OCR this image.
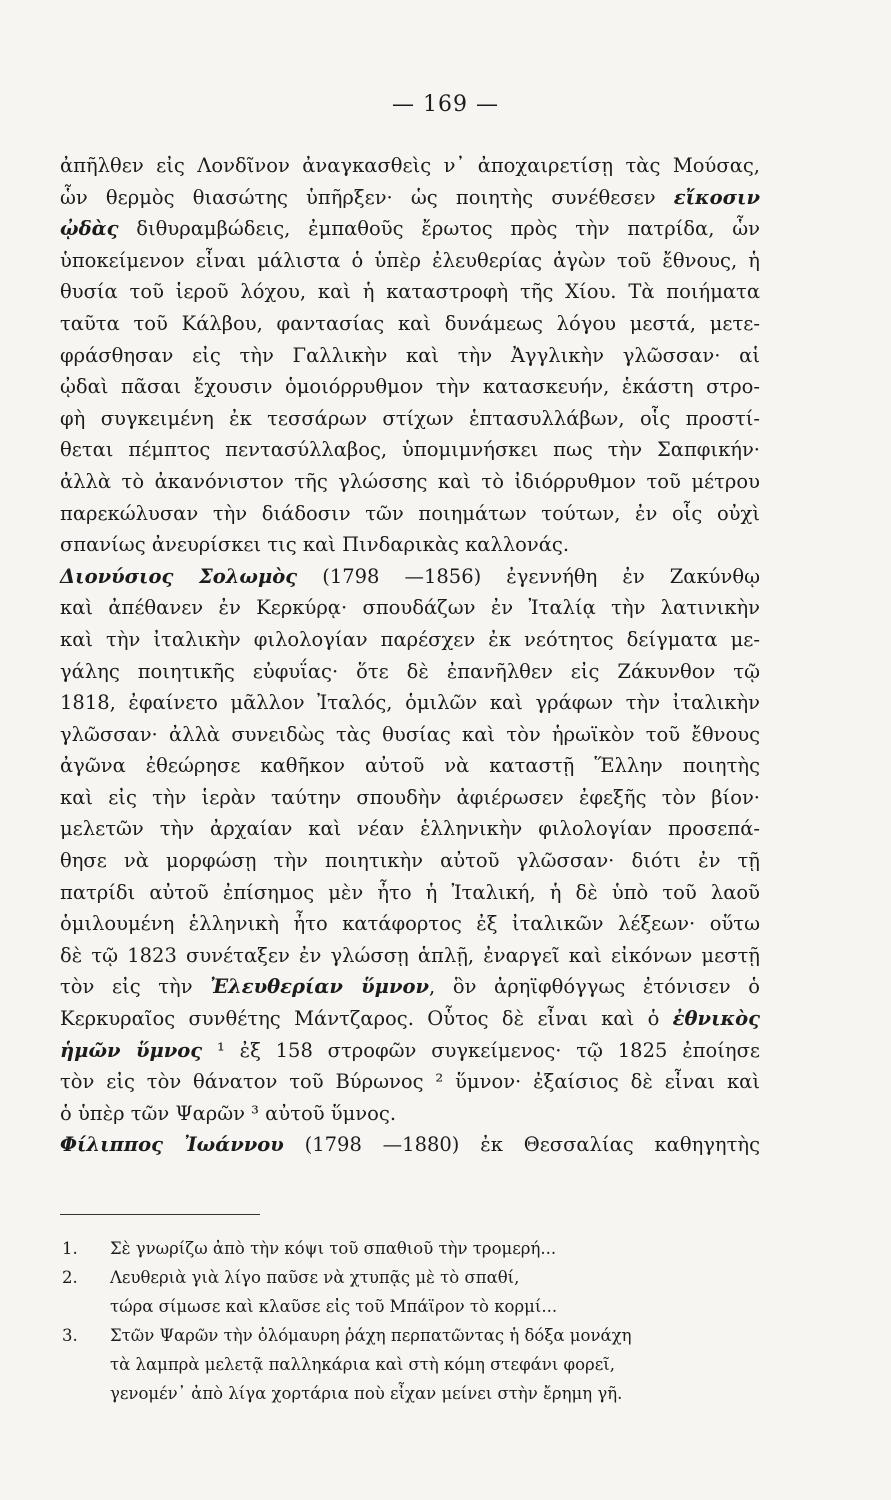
— 169 —
ἀπῆλθεν εἰς Λονδῖνον ἀναγκασθεὶς ν᾽ ἀποχαιρετίσῃ τὰς Μούσας,
ὧν θερμὸς θιασώτης ὑπῆρξεν· ὡς ποιητὴς συνέθεσεν εἴκοσιν
ᾠδὰς διθυραμβώδεις, ἐμπαθοῦς ἔρωτος πρὸς τὴν πατρίδα, ὧν
ὑποκείμενον εἶναι μάλιστα ὁ ὑπὲρ ἐλευθερίας ἀγὼν τοῦ ἔθνους, ἡ
θυσία τοῦ ἱεροῦ λόχου, καὶ ἡ καταστροφὴ τῆς Χίου. Τὰ ποιήματα
ταῦτα τοῦ Κάλβου, φαντασίας καὶ δυνάμεως λόγου μεστά, μετε-
φράσθησαν εἰς τὴν Γαλλικὴν καὶ τὴν Ἀγγλικὴν γλῶσσαν· αἱ
ᾠδαὶ πᾶσαι ἔχουσιν ὁμοιόρρυθμον τὴν κατασκευήν, ἑκάστη στρο-
φὴ συγκειμένη ἐκ τεσσάρων στίχων ἑπτασυλλάβων, οἷς προστί-
θεται πέμπτος πεντασύλλαβος, ὑπομιμνήσκει πως τὴν Σαπφικήν·
ἀλλὰ τὸ ἀκανόνιστον τῆς γλώσσης καὶ τὸ ἰδιόρρυθμον τοῦ μέτρου
παρεκώλυσαν τὴν διάδοσιν τῶν ποιημάτων τούτων, ἐν οἷς οὐχὶ
σπανίως ἀνευρίσκει τις καὶ Πινδαρικὰς καλλονάς.
Διονύσιος Σολωμὸς (1798 —1856) ἐγεννήθη ἐν Ζακύνθῳ
καὶ ἀπέθανεν ἐν Κερκύρᾳ· σπουδάζων ἐν Ἰταλίᾳ τὴν λατινικὴν
καὶ τὴν ἰταλικὴν φιλολογίαν παρέσχεν ἐκ νεότητος δείγματα με-
γάλης ποιητικῆς εὐφυΐας· ὅτε δὲ ἐπανῆλθεν εἰς Ζάκυνθον τῷ
1818, ἐφαίνετο μᾶλλον Ἰταλός, ὁμιλῶν καὶ γράφων τὴν ἰταλικὴν
γλῶσσαν· ἀλλὰ συνειδὼς τὰς θυσίας καὶ τὸν ἡρωϊκὸν τοῦ ἔθνους
ἀγῶνα ἐθεώρησε καθῆκον αὐτοῦ νὰ καταστῇ Ἕλλην ποιητὴς
καὶ εἰς τὴν ἱερὰν ταύτην σπουδὴν ἀφιέρωσεν ἐφεξῆς τὸν βίον·
μελετῶν τὴν ἀρχαίαν καὶ νέαν ἑλληνικὴν φιλολογίαν προσεπά-
θησε νὰ μορφώσῃ τὴν ποιητικὴν αὐτοῦ γλῶσσαν· διότι ἐν τῇ
πατρίδι αὐτοῦ ἐπίσημος μὲν ἦτο ἡ Ἰταλική, ἡ δὲ ὑπὸ τοῦ λαοῦ
ὁμιλουμένη ἑλληνικὴ ἦτο κατάφορτος ἐξ ἰταλικῶν λέξεων· οὕτω
δὲ τῷ 1823 συνέταξεν ἐν γλώσσῃ ἁπλῇ, ἐναργεῖ καὶ εἰκόνων μεστῇ
τὸν εἰς τὴν Ἐλευθερίαν ὕμνον, ὃν ἀρηϊφθόγγως ἐτόνισεν ὁ
Κερκυραῖος συνθέτης Μάντζαρος. Οὗτος δὲ εἶναι καὶ ὁ ἐθνικὸς
ἡμῶν ὕμνος ¹ ἐξ 158 στροφῶν συγκείμενος· τῷ 1825 ἐποίησε
τὸν εἰς τὸν θάνατον τοῦ Βύρωνος ² ὕμνον· ἐξαίσιος δὲ εἶναι καὶ
ὁ ὑπὲρ τῶν Ψαρῶν ³ αὐτοῦ ὕμνος.
Φίλιππος Ἰωάννου (1798 —1880) ἐκ Θεσσαλίας καθηγητὴς
1. Σὲ γνωρίζω ἀπὸ τὴν κόψι τοῦ σπαθιοῦ τὴν τρομερή...
2. Λευθεριὰ γιὰ λίγο παῦσε νὰ χτυπᾷς μὲ τὸ σπαθί,
τώρα σίμωσε καὶ κλαῦσε εἰς τοῦ Μπάϊρον τὸ κορμί...
3. Στῶν Ψαρῶν τὴν ὁλόμαυρη ῥάχη περπατῶντας ἡ δόξα μονάχη
τὰ λαμπρὰ μελετᾷ παλληκάρια καὶ στὴ κόμη στεφάνι φορεῖ,
γενομέν᾽ ἀπὸ λίγα χορτάρια ποὺ εἶχαν μείνει στὴν ἔρημη γῆ.
